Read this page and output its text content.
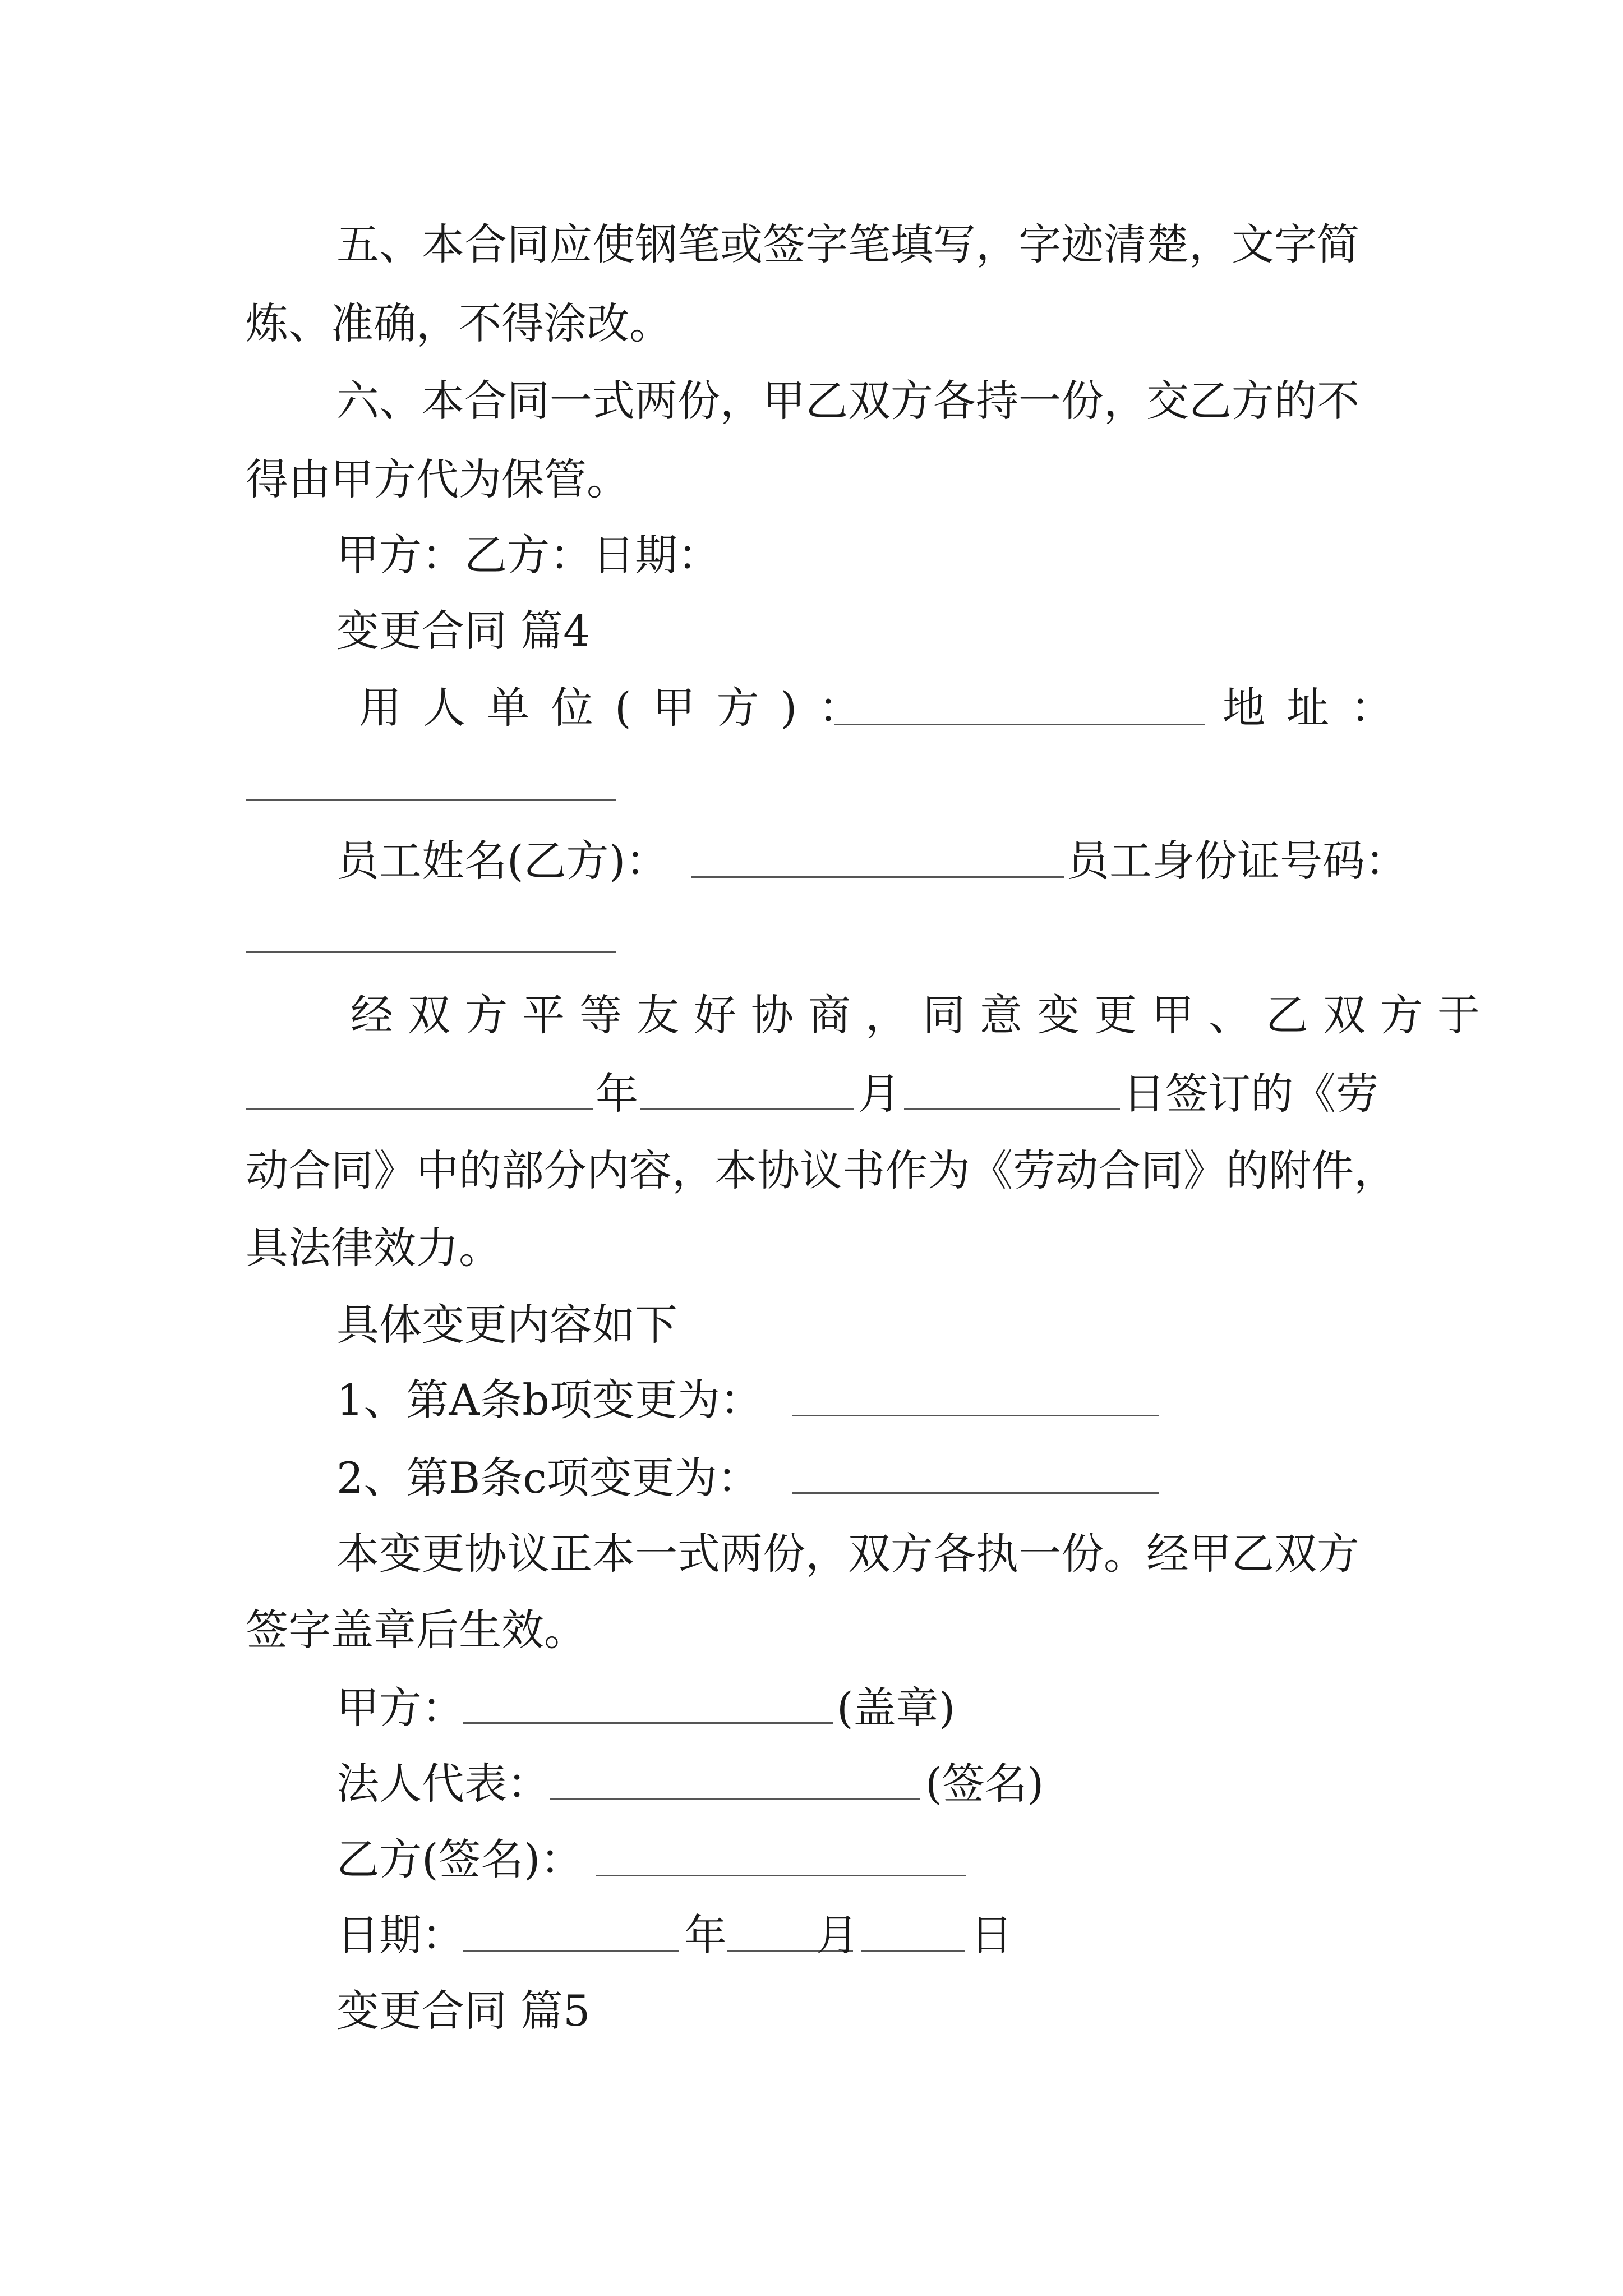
五、本合同应使钢笔或签字笔填写，字迹清楚，文字简
炼、准确，不得涂改。
六、本合同一式两份，甲乙双方各持一份，交乙方的不
得由甲方代为保管。
甲方：乙方：日期：
变更合同 篇4
用人单位(甲方)：	地址：
员工姓名(乙方)：	员工身份证号码：
经双方平等友好协商，同意变更甲、乙双方于
年	月	日签订的《劳
动合同》中的部分内容，本协议书作为《劳动合同》的附件，
具法律效力。
具体变更内容如下
1、第A条b项变更为：
2、第B条c项变更为：
本变更协议正本一式两份，双方各执一份。经甲乙双方
签字盖章后生效。
甲方：	(盖章)
法人代表：	(签名)
乙方(签名)：
日期：	年 月	日
变更合同 篇5
